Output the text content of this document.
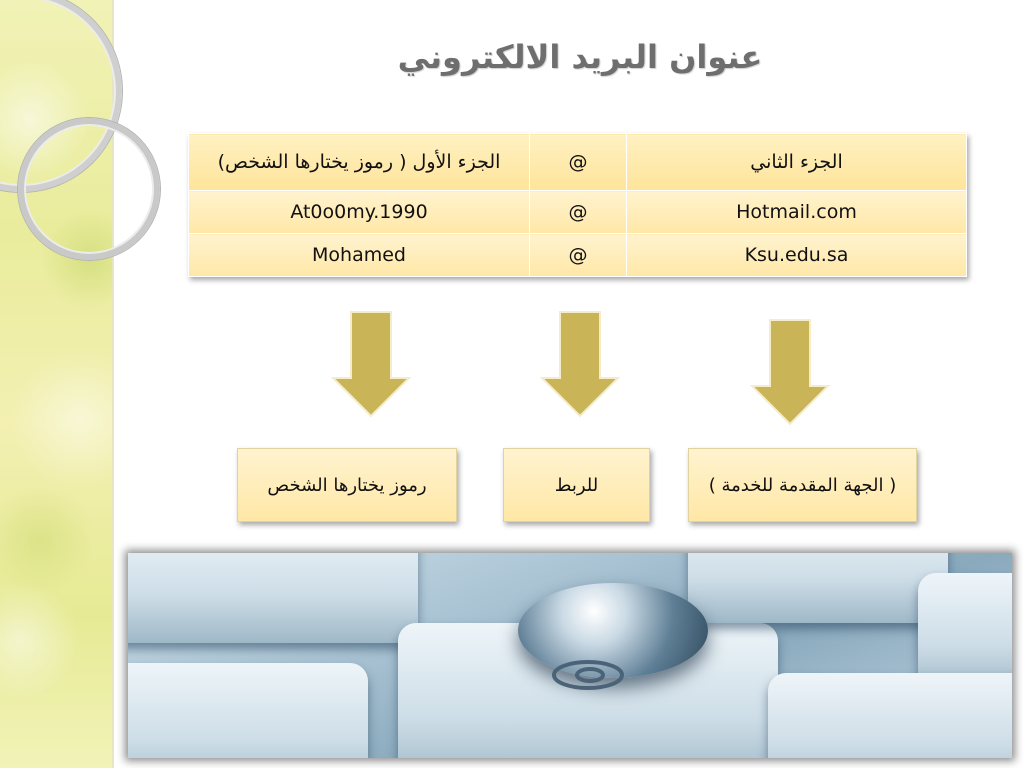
عنوان البريد الالكتروني
الجزء الأول ( رموز يختارها الشخص)	@	الجزء الثاني
At0o0my.1990	@	Hotmail.com
Mohamed	@	Ksu.edu.sa
رموز يختارها الشخص	للربط	( الجهة المقدمة للخدمة )
